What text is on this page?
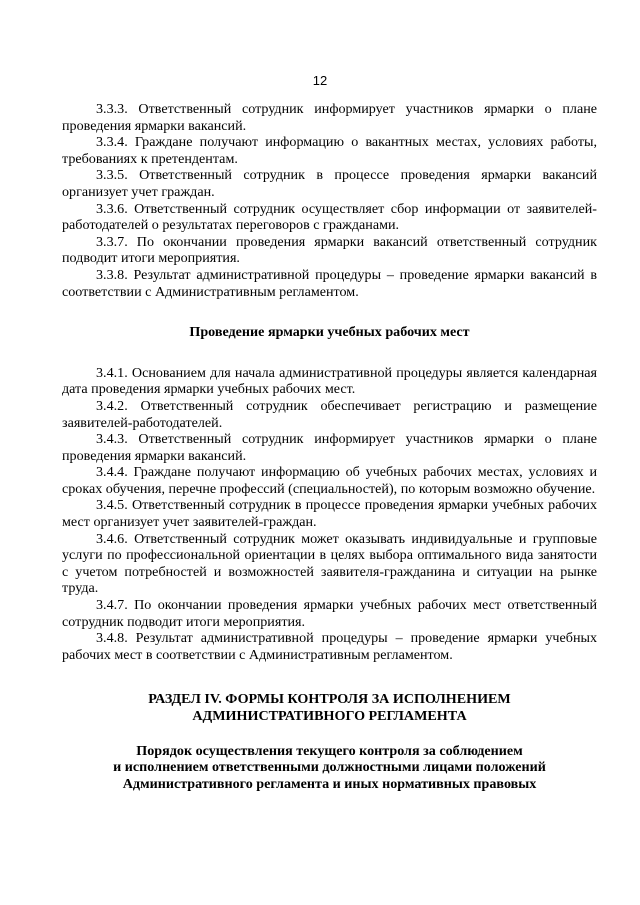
12

3.3.3. Ответственный сотрудник информирует участников ярмарки о плане проведения ярмарки вакансий.

3.3.4. Граждане получают информацию о вакантных местах, условиях работы, требованиях к претендентам.

3.3.5. Ответственный сотрудник в процессе проведения ярмарки вакансий организует учет граждан.

3.3.6. Ответственный сотрудник осуществляет сбор информации от заявителей-работодателей о результатах переговоров с гражданами.

3.3.7. По окончании проведения ярмарки вакансий ответственный сотрудник подводит итоги мероприятия.

3.3.8. Результат административной процедуры – проведение ярмарки вакансий в соответствии с Административным регламентом.

Проведение ярмарки учебных рабочих мест

3.4.1. Основанием для начала административной процедуры является календарная дата проведения ярмарки учебных рабочих мест.

3.4.2. Ответственный сотрудник обеспечивает регистрацию и размещение заявителей-работодателей.

3.4.3. Ответственный сотрудник информирует участников ярмарки о плане проведения ярмарки вакансий.

3.4.4. Граждане получают информацию об учебных рабочих местах, условиях и сроках обучения, перечне профессий (специальностей), по которым возможно обучение.

3.4.5. Ответственный сотрудник в процессе проведения ярмарки учебных рабочих мест организует учет заявителей-граждан.

3.4.6. Ответственный сотрудник может оказывать индивидуальные и групповые услуги по профессиональной ориентации в целях выбора оптимального вида занятости с учетом потребностей и возможностей заявителя-гражданина и ситуации на рынке труда.

3.4.7. По окончании проведения ярмарки учебных рабочих мест ответственный сотрудник подводит итоги мероприятия.

3.4.8. Результат административной процедуры – проведение ярмарки учебных рабочих мест в соответствии с Административным регламентом.

РАЗДЕЛ IV. ФОРМЫ КОНТРОЛЯ ЗА ИСПОЛНЕНИЕМ
АДМИНИСТРАТИВНОГО РЕГЛАМЕНТА
Порядок осуществления текущего контроля за соблюдением
и исполнением ответственными должностными лицами положений
Административного регламента и иных нормативных правовых
